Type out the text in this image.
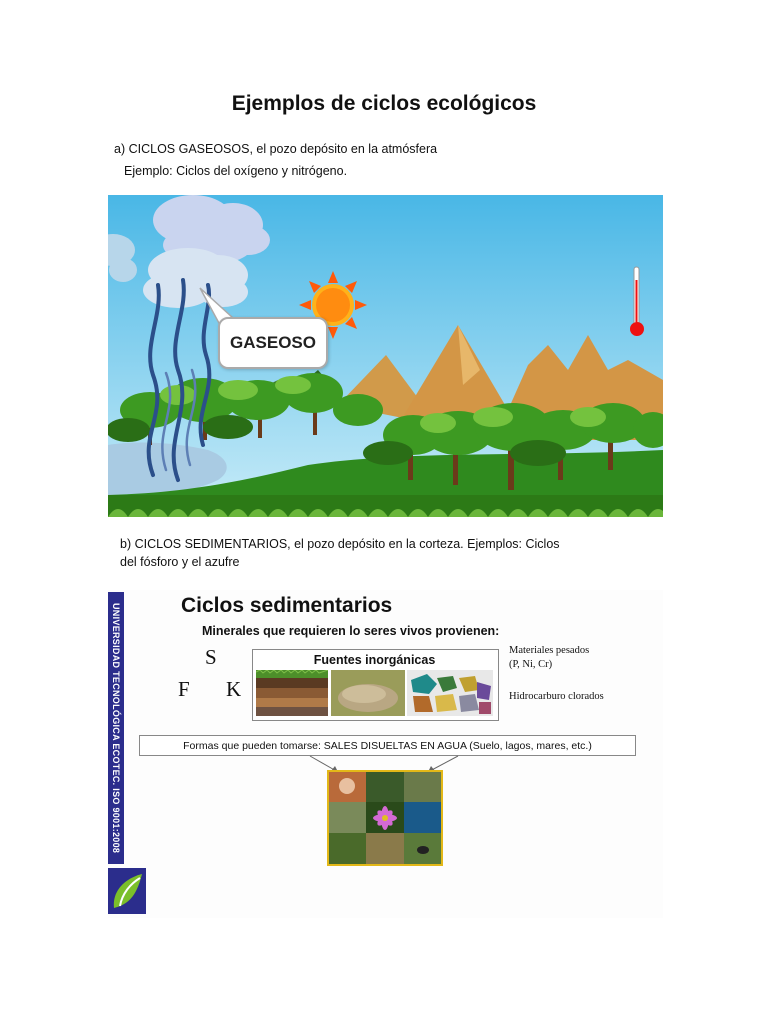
Ejemplos de ciclos ecológicos
a) CICLOS GASEOSOS, el pozo depósito en la atmósfera
Ejemplo: Ciclos del oxígeno y nitrógeno.
GASEOSO
b) CICLOS SEDIMENTARIOS, el pozo depósito en la corteza. Ejemplos: Ciclos
del fósforo y el azufre
UNIVERSIDAD TECNOLÓGICA ECOTEC. ISO 9001:2008	Ciclos sedimentarios
Minerales que requieren lo seres vivos provienen:
S
F K
Fuentes inorgánicas
Materiales pesados
(P, Ni, Cr)
Hidrocarburo clorados
Formas que pueden tomarse: SALES DISUELTAS EN AGUA (Suelo, lagos, mares, etc.)
